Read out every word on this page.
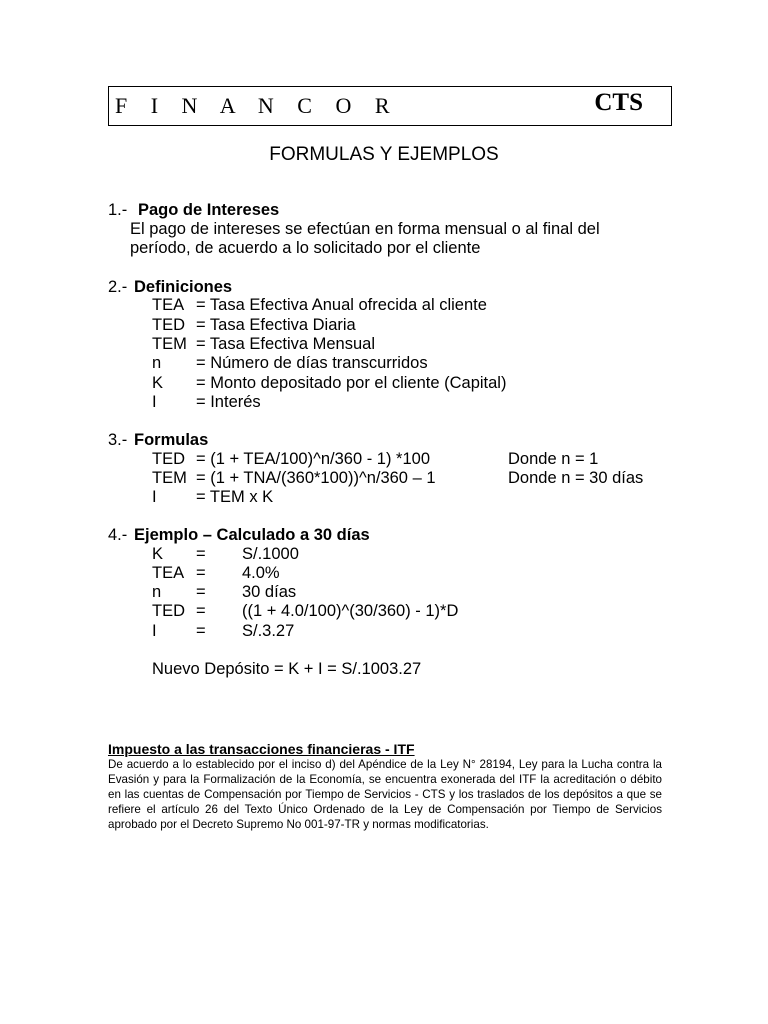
F I N A N C O R	CTS
FORMULAS Y EJEMPLOS
1.- Pago de Intereses
El pago de intereses se efectúan en forma mensual o al final del
período, de acuerdo a lo solicitado por el cliente
2.- Definiciones
TEA = Tasa Efectiva Anual ofrecida al cliente
TED = Tasa Efectiva Diaria
TEM = Tasa Efectiva Mensual
n = Número de días transcurridos
K = Monto depositado por el cliente (Capital)
I = Interés
3.- Formulas
TED = (1 + TEA/100)^n/360 - 1) *100	Donde n = 1
TEM = (1 + TNA/(360*100))^n/360 – 1	Donde n = 30 días
I = TEM x K
4.- Ejemplo – Calculado a 30 días
K = S/.1000
TEA = 4.0%
n = 30 días
TED = ((1 + 4.0/100)^(30/360) - 1)*D
I = S/.3.27
Nuevo Depósito = K + I = S/.1003.27
Impuesto a las transacciones financieras - ITF
De acuerdo a lo establecido por el inciso d) del Apéndice de la Ley N° 28194, Ley para la Lucha contra la Evasión y para la Formalización de la Economía, se encuentra exonerada del ITF la acreditación o débito en las cuentas de Compensación por Tiempo de Servicios - CTS y los traslados de los depósitos a que se refiere el artículo 26 del Texto Único Ordenado de la Ley de Compensación por Tiempo de Servicios aprobado por el Decreto Supremo No 001-97-TR y normas modificatorias.
